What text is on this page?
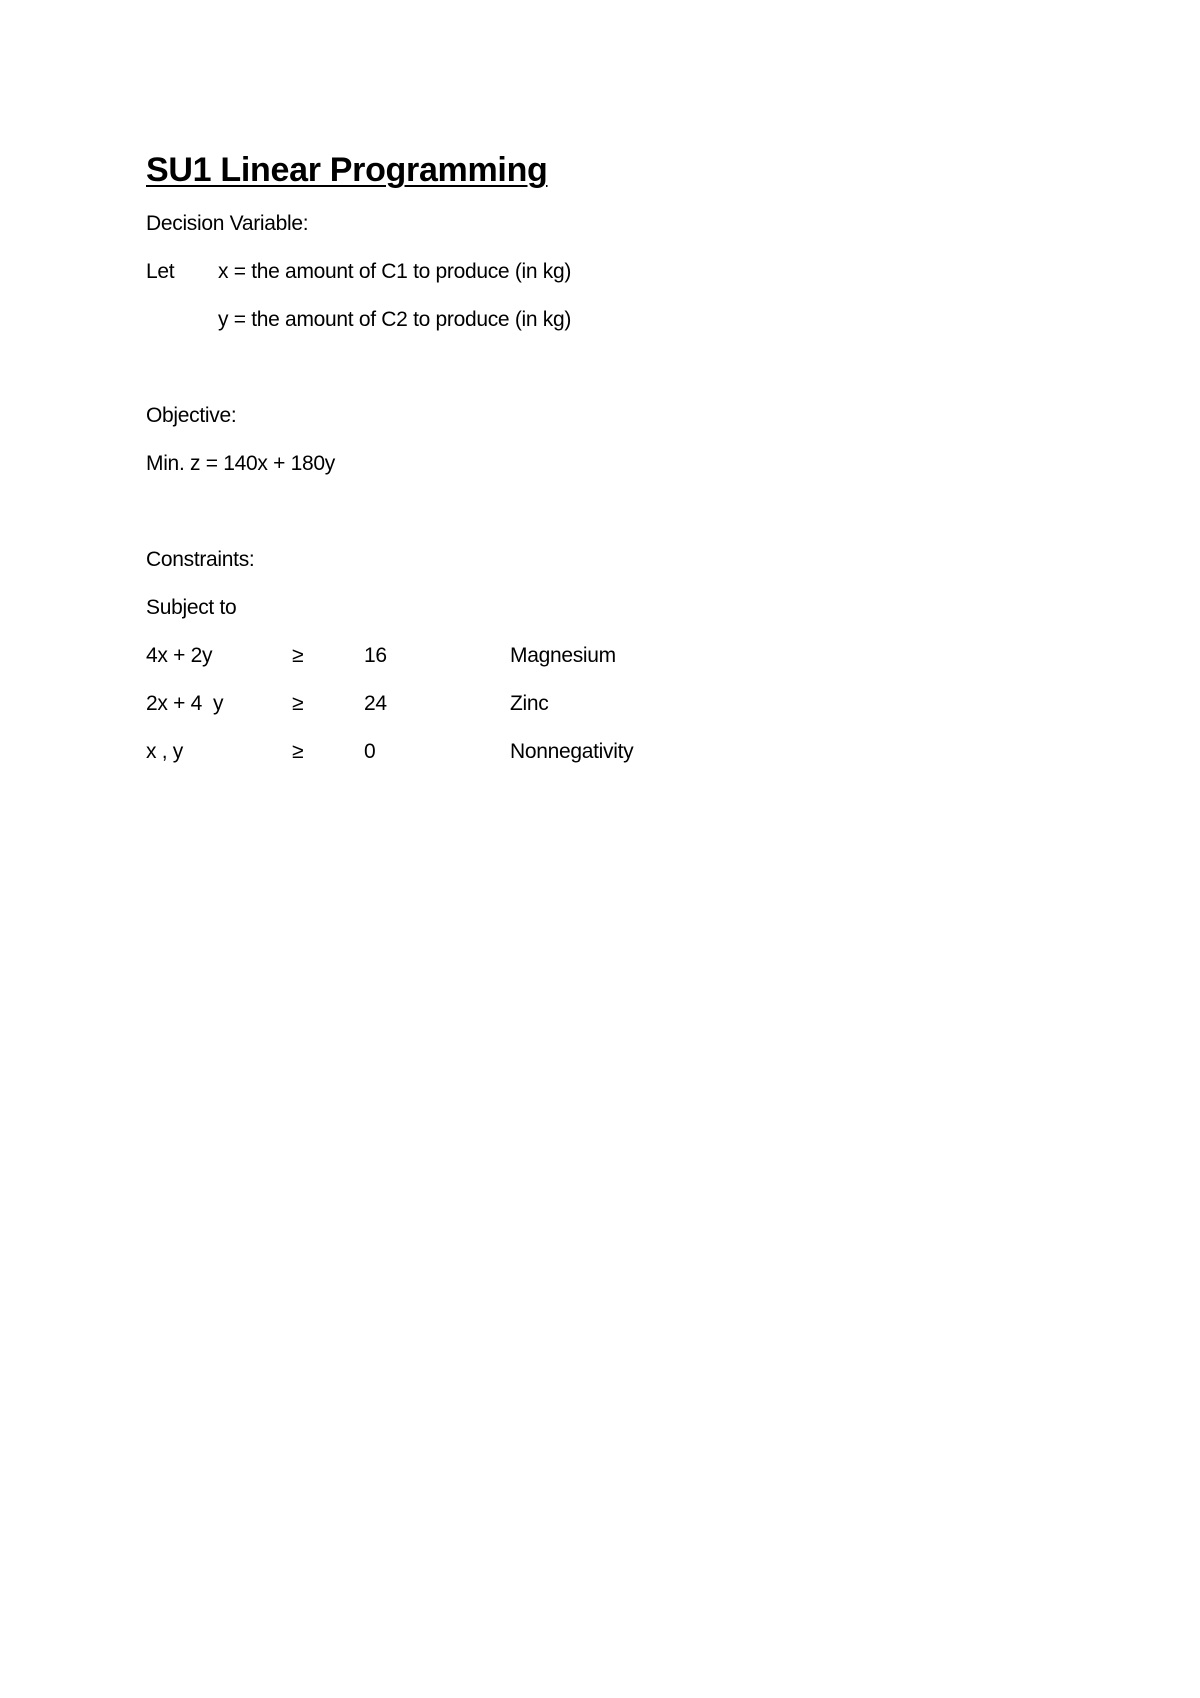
SU1 Linear Programming
Decision Variable:
Let	x = the amount of C1 to produce (in kg)
y = the amount of C2 to produce (in kg)
Objective:
Min. z = 140x + 180y
Constraints:
Subject to
4x + 2y	≥	16	Magnesium
2x + 4  y	≥	24	Zinc
x , y	≥	0	Nonnegativity
